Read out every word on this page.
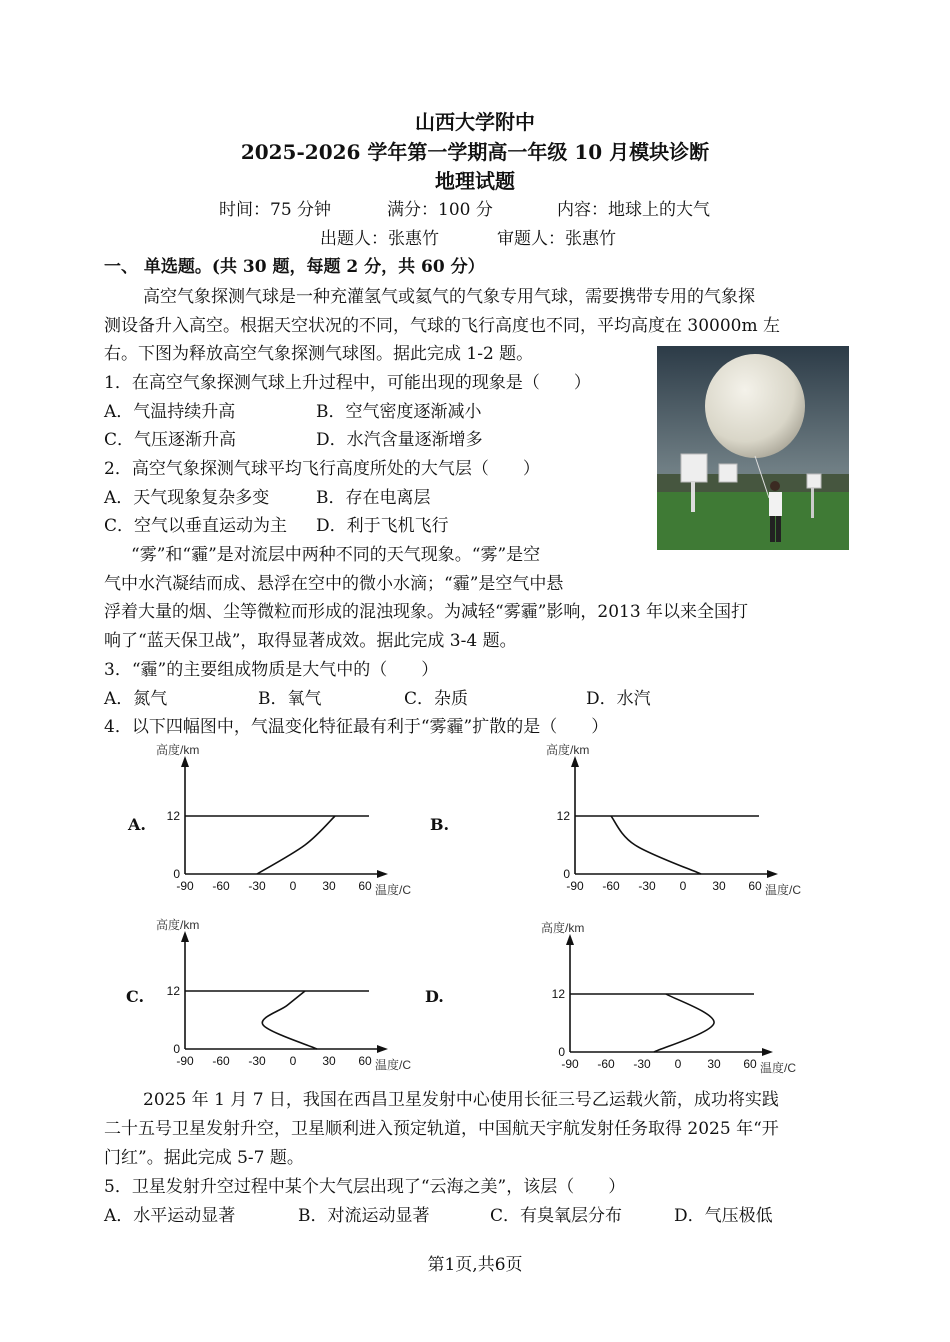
山西大学附中
2025-2026 学年第一学期高一年级 10 月模块诊断
地理试题
时间：75 分钟	满分：100 分	内容：地球上的大气
出题人：张惠竹	审题人：张惠竹
一、 单选题。(共 30 题，每题 2 分，共 60 分）
高空气象探测气球是一种充灌氢气或氦气的气象专用气球，需要携带专用的气象探
测设备升入高空。根据天空状况的不同，气球的飞行高度也不同，平均高度在 30000m 左
右。下图为释放高空气象探测气球图。据此完成 1-2 题。
1．在高空气象探测气球上升过程中，可能出现的现象是（　　）
A．气温持续升高	B．空气密度逐渐减小
C．气压逐渐升高	D．水汽含量逐渐增多
2．高空气象探测气球平均飞行高度所处的大气层（　　）
A．天气现象复杂多变	B．存在电离层
C．空气以垂直运动为主 D．利于飞机飞行
“雾”和“霾”是对流层中两种不同的天气现象。“雾”是空
气中水汽凝结而成、悬浮在空中的微小水滴；“霾”是空气中悬
浮着大量的烟、尘等微粒而形成的混浊现象。为减轻“雾霾”影响，2013 年以来全国打
响了“蓝天保卫战”，取得显著成效。据此完成 3-4 题。
3．“霾”的主要组成物质是大气中的（　　）
A．氮气	B．氧气	C．杂质	D．水汽
4．以下四幅图中，气温变化特征最有利于“雾霾”扩散的是（　　）
A.	B.
C.	D.
高度/km
温度/C
12
0
-90 -60 -30 0 30 60
高度/km
温度/C
12
0
-90 -60 -30 0 30 60
高度/km
温度/C
12
0
-90 -60 -30 0 30 60
高度/km
温度/C
12
0
-90 -60 -30 0 30 60
2025 年 1 月 7 日，我国在西昌卫星发射中心使用长征三号乙运载火箭，成功将实践
二十五号卫星发射升空，卫星顺利进入预定轨道，中国航天宇航发射任务取得 2025 年“开
门红”。据此完成 5-7 题。
5．卫星发射升空过程中某个大气层出现了“云海之美”，该层（　　）
A．水平运动显著	B．对流运动显著	C．有臭氧层分布	D．气压极低
第1页,共6页
